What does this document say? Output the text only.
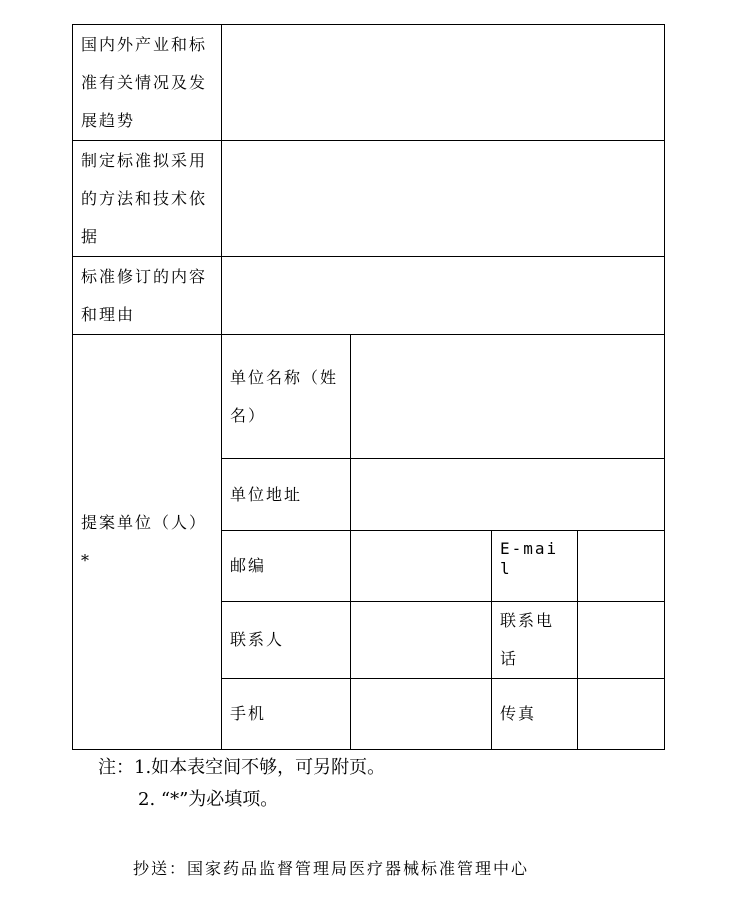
国内外产业和标准有关情况及发展趋势				
制定标准拟采用的方法和技术依据				
标准修订的内容和理由				
提案单位（人）*	单位名称（姓名）			
	单位地址			
	邮编		E-mail	
	联系人		联系电话	
	手机		传真	
注：1.如本表空间不够，可另附页。
2. “*”为必填项。
抄送：国家药品监督管理局医疗器械标准管理中心
